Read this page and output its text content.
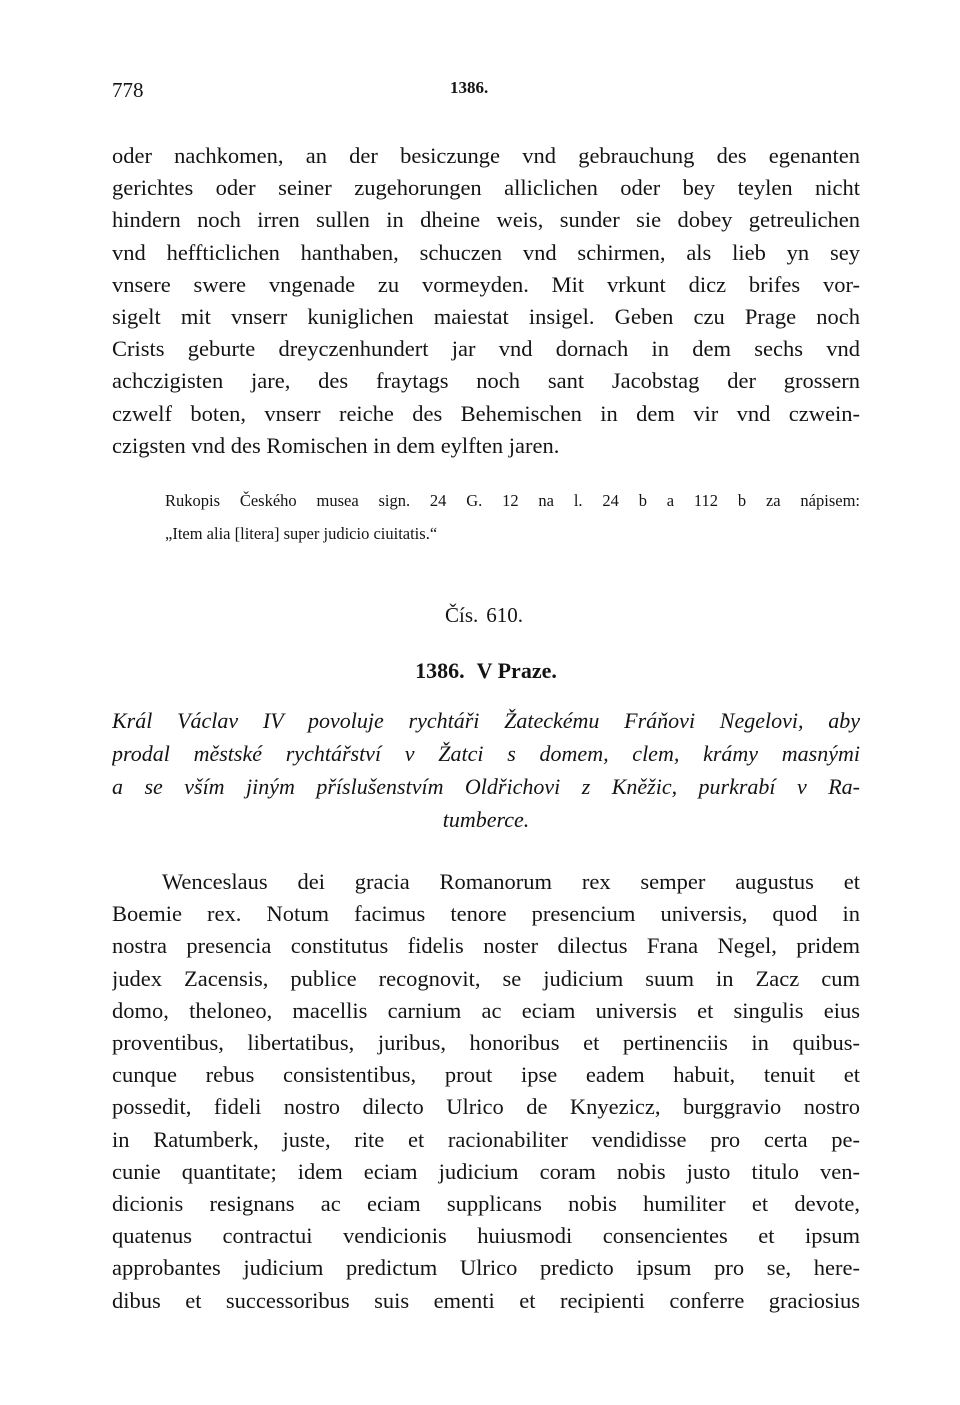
778	1386.
oder nachkomen, an der besiczunge vnd gebrauchung des egenanten
gerichtes oder seiner zugehorungen alliclichen oder bey teylen nicht
hindern noch irren sullen in dheine weis, sunder sie dobey getreulichen
vnd heffticlichen hanthaben, schuczen vnd schirmen, als lieb yn sey
vnsere swere vngenade zu vormeyden. Mit vrkunt dicz brifes vor-
sigelt mit vnserr kuniglichen maiestat insigel. Geben czu Prage noch
Crists geburte dreyczenhundert jar vnd dornach in dem sechs vnd
achczigisten jare, des fraytags noch sant Jacobstag der grossern
czwelf boten, vnserr reiche des Behemischen in dem vir vnd czwein-
czigsten vnd des Romischen in dem eylften jaren.
Rukopis Českého musea sign. 24 G. 12 na l. 24 b a 112 b za nápisem:
„Item alia [litera] super judicio ciuitatis.“
Čís. 610.
1386. V Praze.
Král Václav IV povoluje rychtáři Žateckému Fráňovi Negelovi, aby
prodal městské rychtářství v Žatci s domem, clem, krámy masnými
a se vším jiným příslušenstvím Oldřichovi z Kněžic, purkrabí v Ra-
tumberce.
Wenceslaus dei gracia Romanorum rex semper augustus et
Boemie rex. Notum facimus tenore presencium universis, quod in
nostra presencia constitutus fidelis noster dilectus Frana Negel, pridem
judex Zacensis, publice recognovit, se judicium suum in Zacz cum
domo, theloneo, macellis carnium ac eciam universis et singulis eius
proventibus, libertatibus, juribus, honoribus et pertinenciis in quibus-
cunque rebus consistentibus, prout ipse eadem habuit, tenuit et
possedit, fideli nostro dilecto Ulrico de Knyezicz, burggravio nostro
in Ratumberk, juste, rite et racionabiliter vendidisse pro certa pe-
cunie quantitate; idem eciam judicium coram nobis justo titulo ven-
dicionis resignans ac eciam supplicans nobis humiliter et devote,
quatenus contractui vendicionis huiusmodi consencientes et ipsum
approbantes judicium predictum Ulrico predicto ipsum pro se, here-
dibus et successoribus suis ementi et recipienti conferre graciosius
